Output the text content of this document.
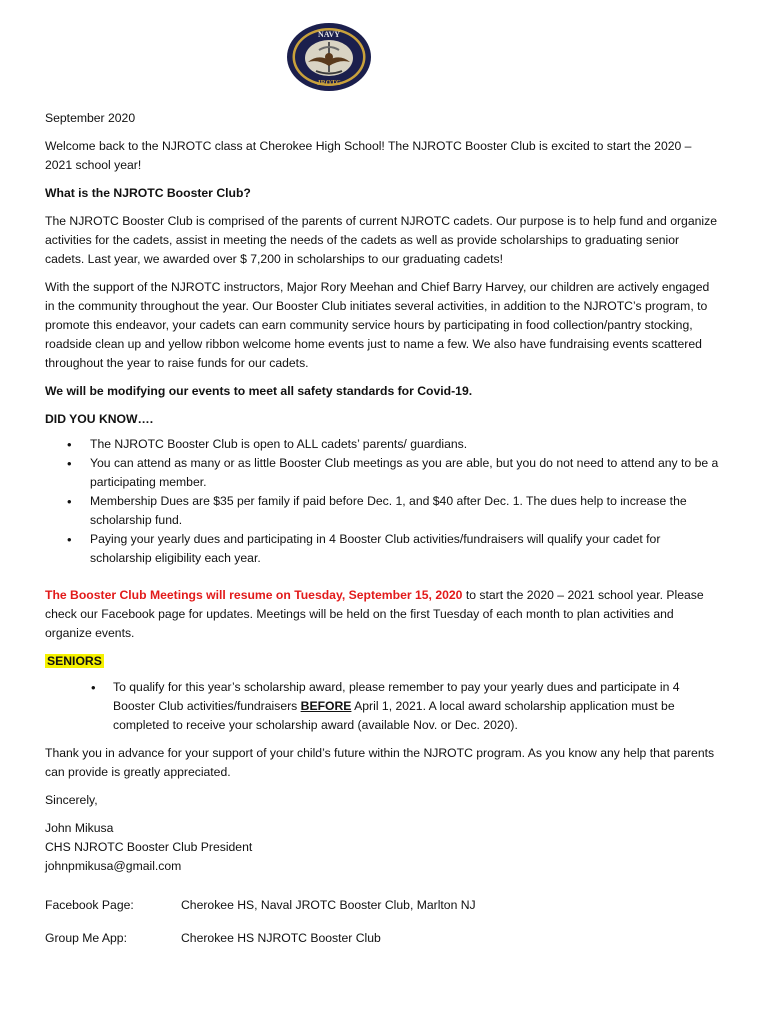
NAVY
JROTC

September 2020

Welcome back to the NJROTC class at Cherokee High School! The NJROTC Booster Club is excited to start the 2020 – 2021 school year!

What is the NJROTC Booster Club?

The NJROTC Booster Club is comprised of the parents of current NJROTC cadets. Our purpose is to help fund and organize activities for the cadets, assist in meeting the needs of the cadets as well as provide scholarships to graduating senior cadets. Last year, we awarded over $ 7,200 in scholarships to our graduating cadets!

With the support of the NJROTC instructors, Major Rory Meehan and Chief Barry Harvey, our children are actively engaged in the community throughout the year. Our Booster Club initiates several activities, in addition to the NJROTC’s program, to promote this endeavor, your cadets can earn community service hours by participating in food collection/pantry stocking, roadside clean up and yellow ribbon welcome home events just to name a few. We also have fundraising events scattered throughout the year to raise funds for our cadets.

We will be modifying our events to meet all safety standards for Covid-19.

DID YOU KNOW….

• The NJROTC Booster Club is open to ALL cadets’ parents/ guardians.
• You can attend as many or as little Booster Club meetings as you are able, but you do not need to attend any to be a participating member.
• Membership Dues are $35 per family if paid before Dec. 1, and $40 after Dec. 1. The dues help to increase the scholarship fund.
• Paying your yearly dues and participating in 4 Booster Club activities/fundraisers will qualify your cadet for scholarship eligibility each year.

The Booster Club Meetings will resume on Tuesday, September 15, 2020 to start the 2020 – 2021 school year. Please check our Facebook page for updates. Meetings will be held on the first Tuesday of each month to plan activities and organize events.

SENIORS

• To qualify for this year’s scholarship award, please remember to pay your yearly dues and participate in 4 Booster Club activities/fundraisers BEFORE April 1, 2021. A local award scholarship application must be completed to receive your scholarship award (available Nov. or Dec. 2020).

Thank you in advance for your support of your child’s future within the NJROTC program. As you know any help that parents can provide is greatly appreciated.

Sincerely,

John Mikusa

CHS NJROTC Booster Club President

johnpmikusa@gmail.com

Facebook Page:	Cherokee HS, Naval JROTC Booster Club, Marlton NJ
Group Me App:	Cherokee HS NJROTC Booster Club
